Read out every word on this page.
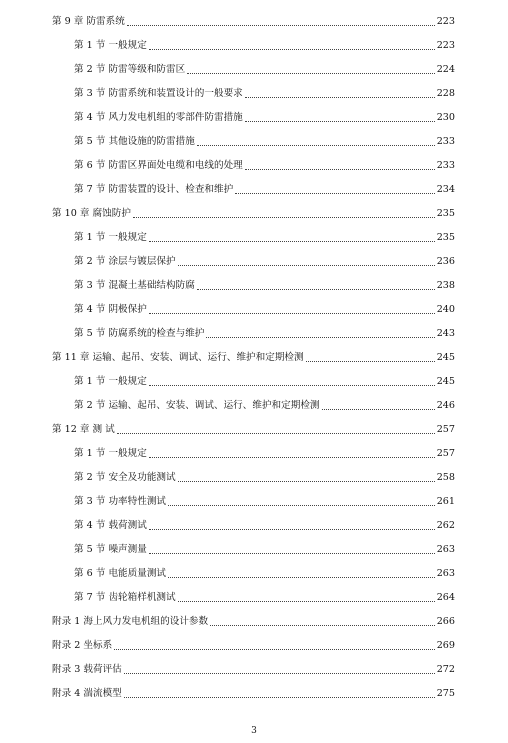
第 9 章 防雷系统	223
第 1 节 一般规定	223
第 2 节 防雷等级和防雷区	224
第 3 节 防雷系统和装置设计的一般要求	228
第 4 节 风力发电机组的零部件防雷措施	230
第 5 节 其他设施的防雷措施	233
第 6 节 防雷区界面处电缆和电线的处理	233
第 7 节 防雷装置的设计、检查和维护	234
第 10 章 腐蚀防护	235
第 1 节 一般规定	235
第 2 节 涂层与镀层保护	236
第 3 节 混凝土基础结构防腐	238
第 4 节 阴极保护	240
第 5 节 防腐系统的检查与维护	243
第 11 章 运输、起吊、安装、调试、运行、维护和定期检测	245
第 1 节 一般规定	245
第 2 节 运输、起吊、安装、调试、运行、维护和定期检测	246
第 12 章 测 试	257
第 1 节 一般规定	257
第 2 节 安全及功能测试	258
第 3 节 功率特性测试	261
第 4 节 载荷测试	262
第 5 节 噪声测量	263
第 6 节 电能质量测试	263
第 7 节 齿轮箱样机测试	264
附录 1 海上风力发电机组的设计参数	266
附录 2 坐标系	269
附录 3 载荷评估	272
附录 4 湍流模型	275
3
